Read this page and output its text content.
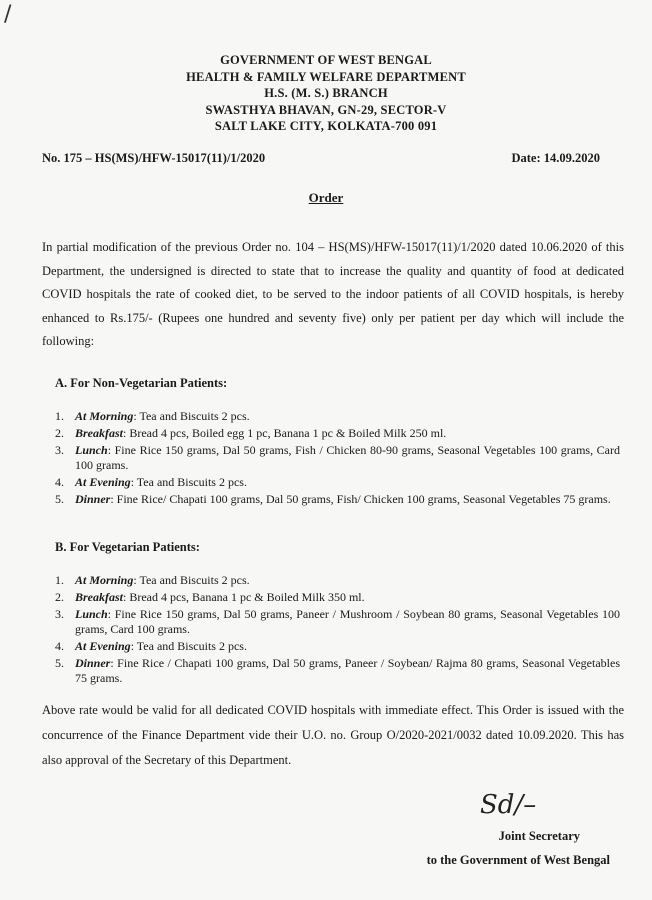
/
GOVERNMENT OF WEST BENGAL
HEALTH & FAMILY WELFARE DEPARTMENT
H.S. (M. S.) BRANCH
SWASTHYA BHAVAN, GN-29, SECTOR-V
SALT LAKE CITY, KOLKATA-700 091
No. 175 – HS(MS)/HFW-15017(11)/1/2020	Date: 14.09.2020
Order
In partial modification of the previous Order no. 104 – HS(MS)/HFW-15017(11)/1/2020 dated 10.06.2020 of this Department, the undersigned is directed to state that to increase the quality and quantity of food at dedicated COVID hospitals the rate of cooked diet, to be served to the indoor patients of all COVID hospitals, is hereby enhanced to Rs.175/- (Rupees one hundred and seventy five) only per patient per day which will include the following:
A. For Non-Vegetarian Patients:
1. At Morning: Tea and Biscuits 2 pcs.
2. Breakfast: Bread 4 pcs, Boiled egg 1 pc, Banana 1 pc & Boiled Milk 250 ml.
3. Lunch: Fine Rice 150 grams, Dal 50 grams, Fish / Chicken 80-90 grams, Seasonal Vegetables 100 grams, Card 100 grams.
4. At Evening: Tea and Biscuits 2 pcs.
5. Dinner: Fine Rice/ Chapati 100 grams, Dal 50 grams, Fish/ Chicken 100 grams, Seasonal Vegetables 75 grams.
B. For Vegetarian Patients:
1. At Morning: Tea and Biscuits 2 pcs.
2. Breakfast: Bread 4 pcs, Banana 1 pc & Boiled Milk 350 ml.
3. Lunch: Fine Rice 150 grams, Dal 50 grams, Paneer / Mushroom / Soybean 80 grams, Seasonal Vegetables 100 grams, Card 100 grams.
4. At Evening: Tea and Biscuits 2 pcs.
5. Dinner: Fine Rice / Chapati 100 grams, Dal 50 grams, Paneer / Soybean/ Rajma 80 grams, Seasonal Vegetables 75 grams.
Above rate would be valid for all dedicated COVID hospitals with immediate effect. This Order is issued with the concurrence of the Finance Department vide their U.O. no. Group O/2020-2021/0032 dated 10.09.2020. This has also approval of the Secretary of this Department.
Sd/–
Joint Secretary
to the Government of West Bengal
